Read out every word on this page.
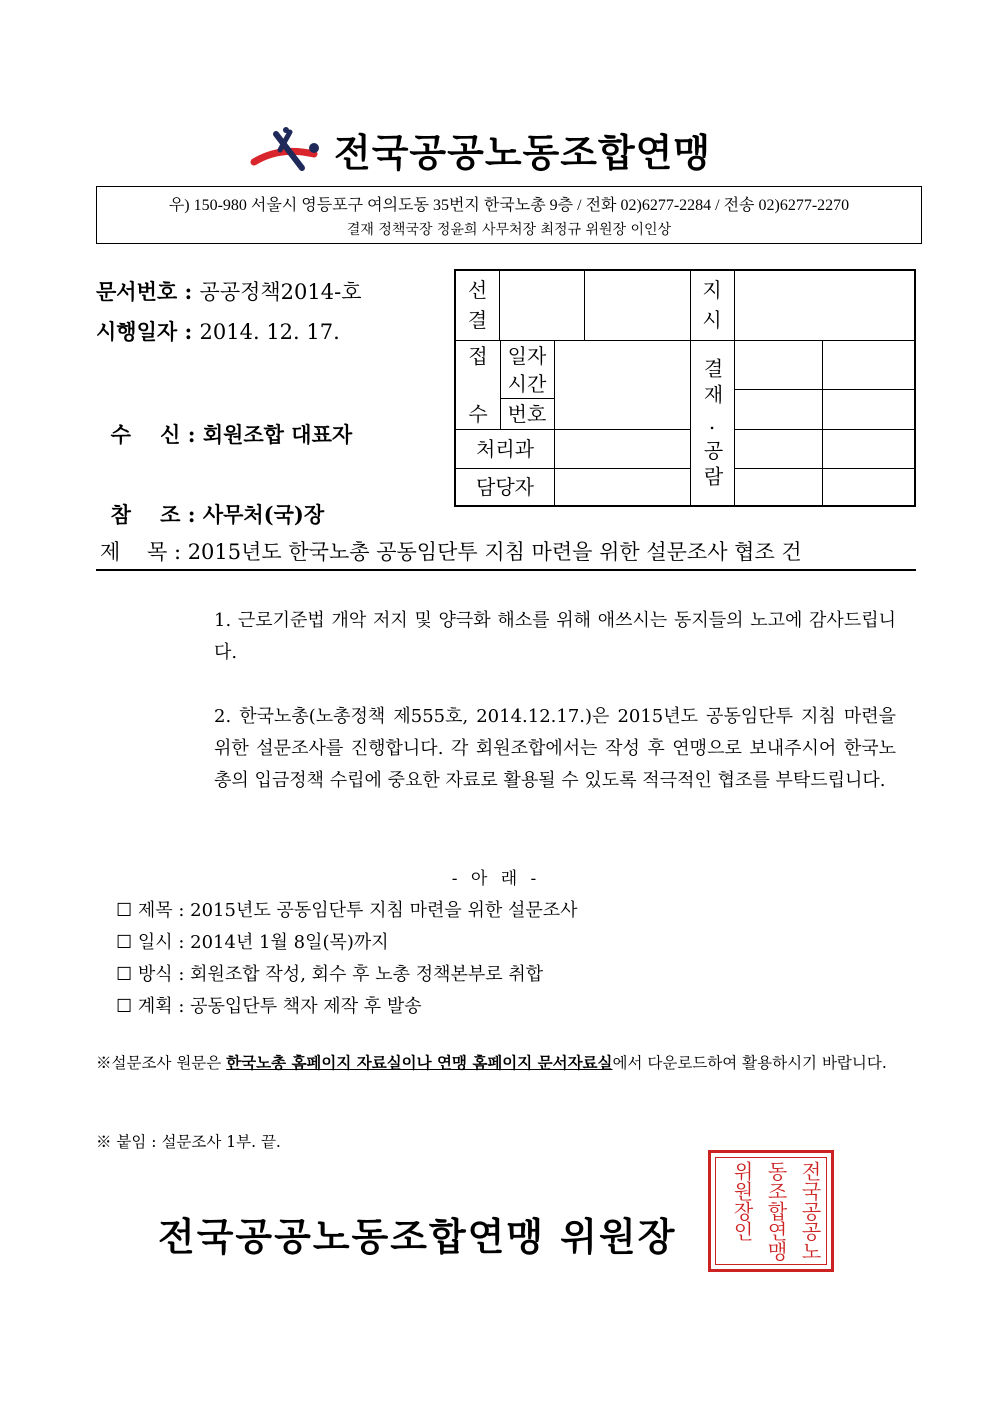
전국공공노동조합연맹
우) 150-980 서울시 영등포구 여의도동 35번지 한국노총 9층 / 전화 02)6277-2284 / 전송 02)6277-2270
결재 정책국장 정윤희 사무처장 최정규 위원장 이인상
문서번호 : 공공정책2014-호
시행일자 : 2014. 12. 17.

수    신 : 회원조합 대표자

참    조 : 사무처(국)장

선
결
지
시
접
수
일자
시간
번호
처리과
담당자	결재.공람
제    목 : 2015년도 한국노총 공동임단투 지침 마련을 위한 설문조사 협조 건
1. 근로기준법 개악 저지 및 양극화 해소를 위해 애쓰시는 동지들의 노고에 감사드립니다.
2. 한국노총(노총정책 제555호, 2014.12.17.)은 2015년도 공동임단투 지침 마련을 위한 설문조사를 진행합니다. 각 회원조합에서는 작성 후 연맹으로 보내주시어 한국노총의 입금정책 수립에 중요한 자료로 활용될 수 있도록 적극적인 협조를 부탁드립니다.
- 아 래 -
☐ 제목 : 2015년도 공동임단투 지침 마련을 위한 설문조사
☐ 일시 : 2014년 1월 8일(목)까지
☐ 방식 : 회원조합 작성, 회수 후 노총 정책본부로 취합
☐ 계획 : 공동입단투 책자 제작 후 발송
※설문조사 원문은 한국노총 홈페이지 자료실이나 연맹 홈페이지 문서자료실에서 다운로드하여 활용하시기 바랍니다.
※ 붙임 : 설문조사 1부. 끝.
전국공공노동조합연맹 위원장	전국공공노
동조합연맹
위원장인
